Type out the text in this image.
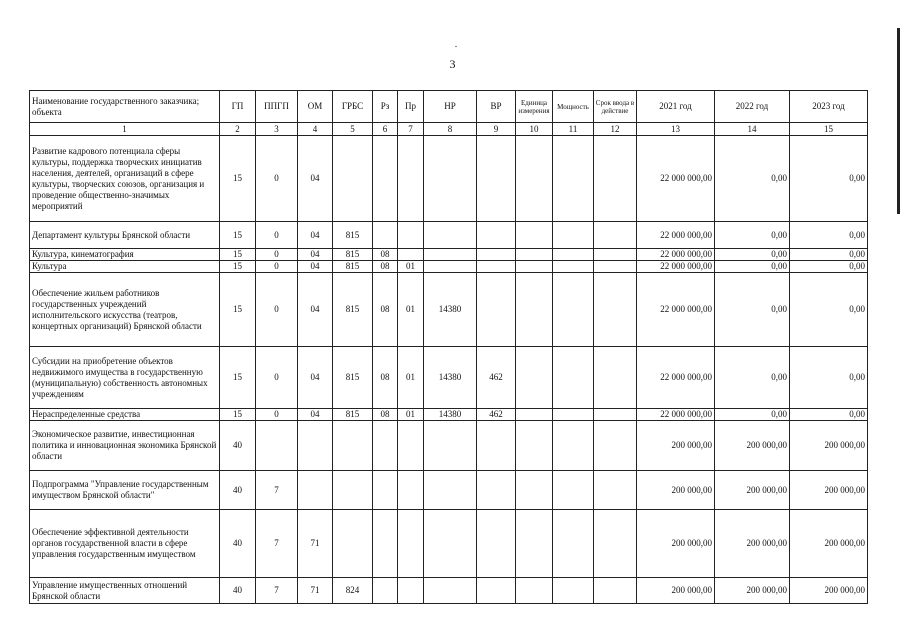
3
Наименование государственного заказчика; объекта	ГП	ППГП	ОМ	ГРБС	Рз	Пр	НР	ВР	Единица измерения	Мощность	Срок ввода в действие	2021 год	2022 год	2023 год
1	2	3	4	5	6	7	8	9	10	11	12	13	14	15
Развитие кадрового потенциала сферы культуры, поддержка творческих инициатив населения, деятелей, организаций в сфере культуры, творческих союзов, организация и проведение общественно-значимых мероприятий	15	0	04									22 000 000,00	0,00	0,00
Департамент культуры Брянской области	15	0	04	815								22 000 000,00	0,00	0,00
Культура, кинематография	15	0	04	815	08							22 000 000,00	0,00	0,00
Культура	15	0	04	815	08	01						22 000 000,00	0,00	0,00
Обеспечение жильем работников государственных учреждений исполнительского искусства (театров, концертных организаций) Брянской области	15	0	04	815	08	01	14380					22 000 000,00	0,00	0,00
Субсидии на приобретение объектов недвижимого имущества в государственную (муниципальную) собственность автономных учреждениям	15	0	04	815	08	01	14380	462				22 000 000,00	0,00	0,00
Нераспределенные средства	15	0	04	815	08	01	14380	462				22 000 000,00	0,00	0,00
Экономическое развитие, инвестиционная политика и инновационная экономика Брянской области	40											200 000,00	200 000,00	200 000,00
Подпрограмма "Управление государственным имуществом Брянской области"	40	7										200 000,00	200 000,00	200 000,00
Обеспечение эффективной деятельности органов государственной власти в сфере управления государственным имуществом	40	7	71									200 000,00	200 000,00	200 000,00
Управление имущественных отношений Брянской области	40	7	71	824								200 000,00	200 000,00	200 000,00
